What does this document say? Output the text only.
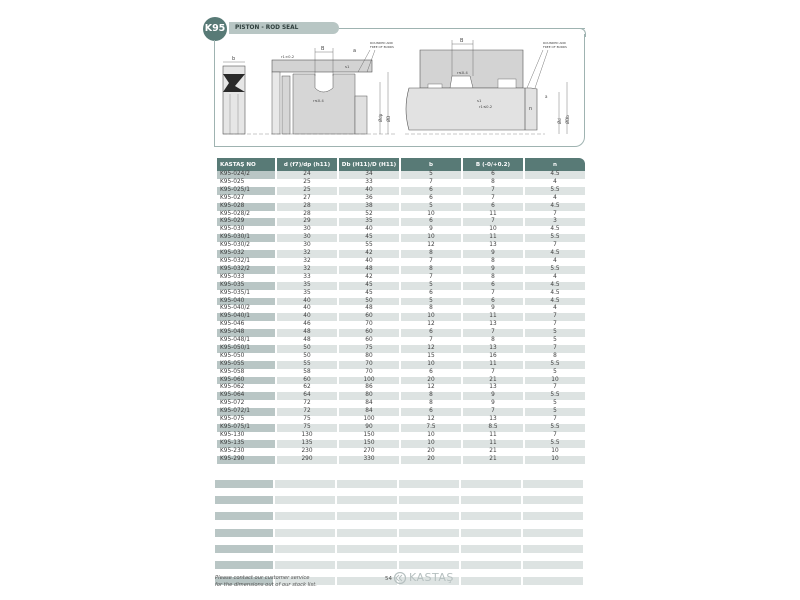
K95	PISTON - ROD SEAL
b
B	a
r1≈0.2
r≤0.4
s1
ROUNDED AND
FREE OF BURRS
Ødp ØD
B
r≤0.4
r1≤0.2
s1
n
a
ROUNDED AND
FREE OF BURRS
Ød ØDb
KASTAŞ NO	d (f7)/dp (h11)	Db (H11)/D (H11)	b	B (-0/+0.2)	n
K95-024/2	24	34	5	6	4.5
K95-025	25	33	7	8	4
K95-025/1	25	40	6	7	5.5
K95-027	27	36	6	7	4
K95-028	28	38	5	6	4.5
K95-028/2	28	52	10	11	7
K95-029	29	35	6	7	3
K95-030	30	40	9	10	4.5
K95-030/1	30	45	10	11	5.5
K95-030/2	30	55	12	13	7
K95-032	32	42	8	9	4.5
K95-032/1	32	40	7	8	4
K95-032/2	32	48	8	9	5.5
K95-033	33	42	7	8	4
K95-035	35	45	5	6	4.5
K95-035/1	35	45	6	7	4.5
K95-040	40	50	5	6	4.5
K95-040/2	40	48	8	9	4
K95-040/1	40	60	10	11	7
K95-046	46	70	12	13	7
K95-048	48	60	6	7	5
K95-048/1	48	60	7	8	5
K95-050/1	50	75	12	13	7
K95-050	50	80	15	16	8
K95-055	55	70	10	11	5.5
K95-058	58	70	6	7	5
K95-060	60	100	20	21	10
K95-062	62	86	12	13	7
K95-064	64	80	8	9	5.5
K95-072	72	84	8	9	5
K95-072/1	72	84	6	7	5
K95-075	75	100	12	13	7
K95-075/1	75	90	7.5	8.5	5.5
K95-130	130	150	10	11	7
K95-135	135	150	10	11	5.5
K95-230	230	270	20	21	10
K95-290	290	330	20	21	10
Please contact our customer service
for the dimensions out of our stock list.
54 KASTAŞ
